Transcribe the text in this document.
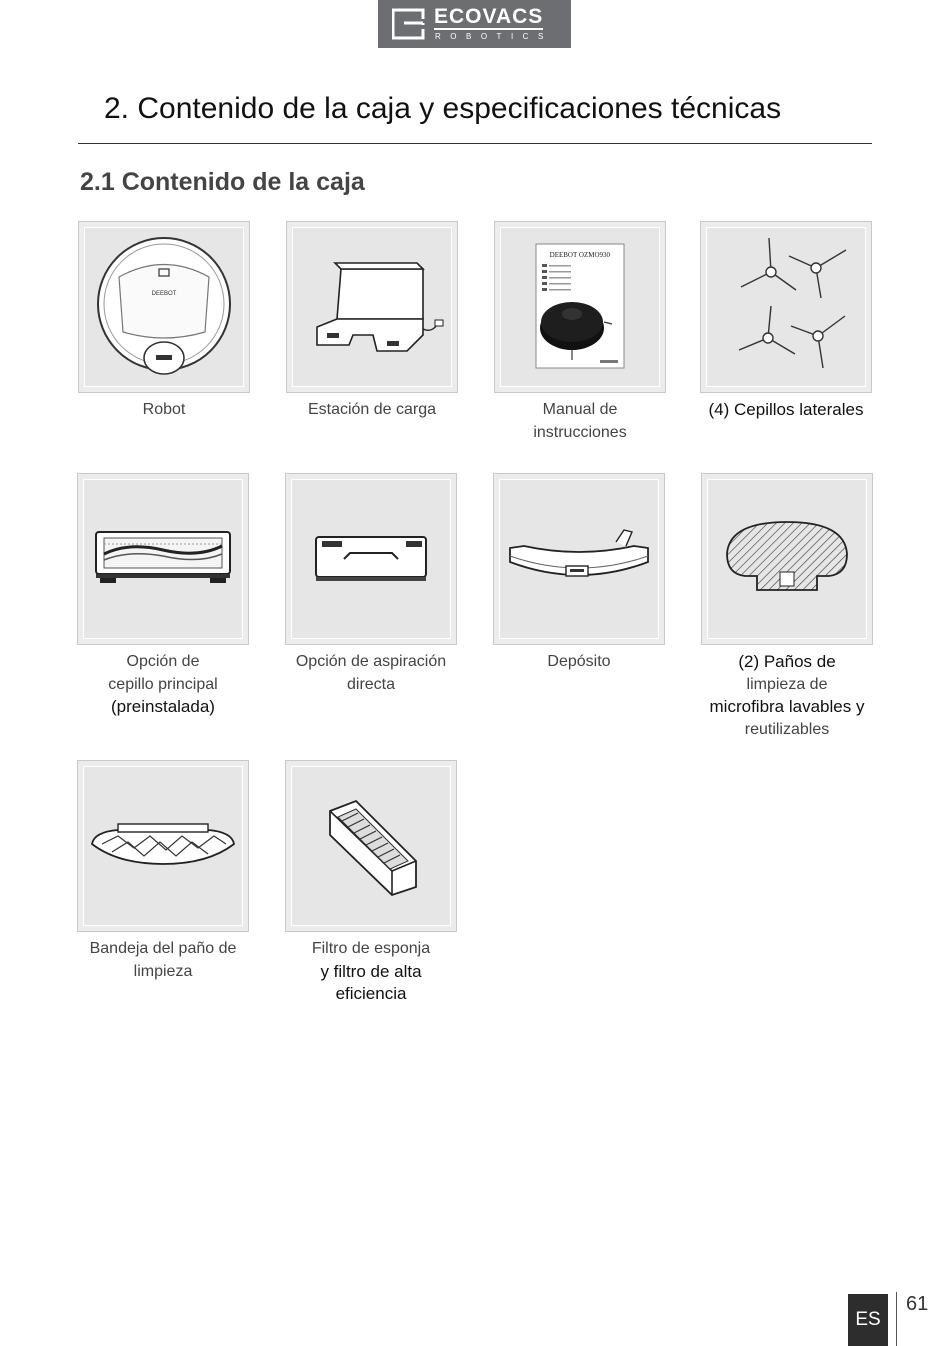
ECOVACS
ROBOTICS
2. Contenido de la caja y especificaciones técnicas
2.1 Contenido de la caja
DEEBOT
Robot	Estación de carga
DEEBOT OZMO930
Manual de
instrucciones
(4) Cepillos laterales
Opción de
cepillo principal
(preinstalada)
Opción de aspiración
directa
Depósito	(2) Paños de
limpieza de
microfibra lavables y
reutilizables
Bandeja del paño de
limpieza
Filtro de esponja
y filtro de alta
eficiencia
ES
61
